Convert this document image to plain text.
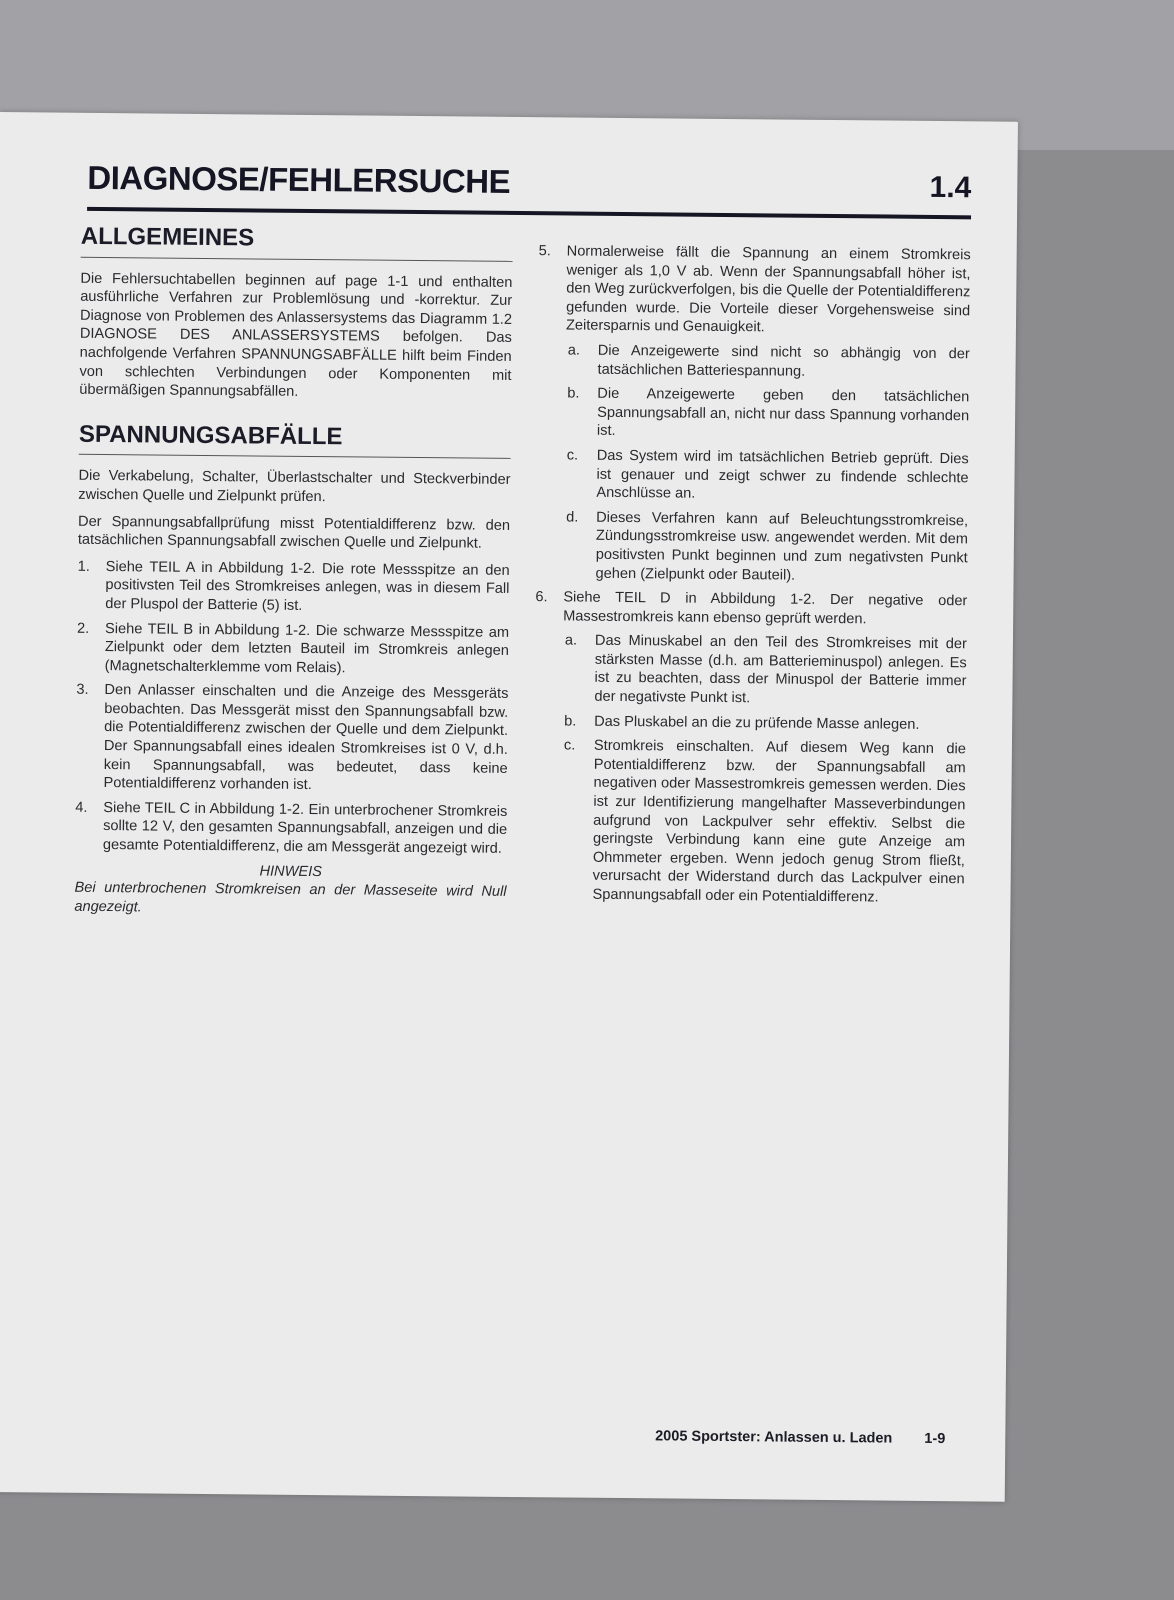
DIAGNOSE/FEHLERSUCHE	1.4
ALLGEMEINES

Die Fehlersuchtabellen beginnen auf page 1-1 und enthalten ausführliche Verfahren zur Problemlösung und -korrektur. Zur Diagnose von Problemen des Anlassersystems das Diagramm 1.2 DIAGNOSE DES ANLASSERSYSTEMS befolgen. Das nachfolgende Verfahren SPANNUNGSABFÄLLE hilft beim Finden von schlechten Verbindungen oder Komponenten mit übermäßigen Spannungsabfällen.

SPANNUNGSABFÄLLE

Die Verkabelung, Schalter, Überlastschalter und Steckverbinder zwischen Quelle und Zielpunkt prüfen.

Der Spannungsabfallprüfung misst Potentialdifferenz bzw. den tatsächlichen Spannungsabfall zwischen Quelle und Zielpunkt.

1.	Siehe TEIL A in Abbildung 1-2. Die rote Messspitze an den positivsten Teil des Stromkreises anlegen, was in diesem Fall der Pluspol der Batterie (5) ist.
2.	Siehe TEIL B in Abbildung 1-2. Die schwarze Messspitze am Zielpunkt oder dem letzten Bauteil im Stromkreis anlegen (Magnetschalterklemme vom Relais).
3.	Den Anlasser einschalten und die Anzeige des Messgeräts beobachten. Das Messgerät misst den Spannungsabfall bzw. die Potentialdifferenz zwischen der Quelle und dem Zielpunkt. Der Spannungsabfall eines idealen Stromkreises ist 0 V, d.h. kein Spannungsabfall, was bedeutet, dass keine Potentialdifferenz vorhanden ist.
4.	Siehe TEIL C in Abbildung 1-2. Ein unterbrochener Stromkreis sollte 12 V, den gesamten Spannungsabfall, anzeigen und die gesamte Potentialdifferenz, die am Messgerät angezeigt wird.
HINWEIS

Bei unterbrochenen Stromkreisen an der Masseseite wird Null angezeigt.

5.	Normalerweise fällt die Spannung an einem Stromkreis weniger als 1,0 V ab. Wenn der Spannungsabfall höher ist, den Weg zurückverfolgen, bis die Quelle der Potentialdifferenz gefunden wurde. Die Vorteile dieser Vorgehensweise sind Zeitersparnis und Genauigkeit.
a.	Die Anzeigewerte sind nicht so abhängig von der tatsächlichen Batteriespannung.
b.	Die Anzeigewerte geben den tatsächlichen Spannungsabfall an, nicht nur dass Spannung vorhanden ist.
c.	Das System wird im tatsächlichen Betrieb geprüft. Dies ist genauer und zeigt schwer zu findende schlechte Anschlüsse an.
d.	Dieses Verfahren kann auf Beleuchtungsstromkreise, Zündungsstromkreise usw. angewendet werden. Mit dem positivsten Punkt beginnen und zum negativsten Punkt gehen (Zielpunkt oder Bauteil).
6.	Siehe TEIL D in Abbildung 1-2. Der negative oder Massestromkreis kann ebenso geprüft werden.
a.	Das Minuskabel an den Teil des Stromkreises mit der stärksten Masse (d.h. am Batterieminuspol) anlegen. Es ist zu beachten, dass der Minuspol der Batterie immer der negativste Punkt ist.
b.	Das Pluskabel an die zu prüfende Masse anlegen.
c.	Stromkreis einschalten. Auf diesem Weg kann die Potentialdifferenz bzw. der Spannungsabfall am negativen oder Massestromkreis gemessen werden. Dies ist zur Identifizierung mangelhafter Masseverbindungen aufgrund von Lackpulver sehr effektiv. Selbst die geringste Verbindung kann eine gute Anzeige am Ohmmeter ergeben. Wenn jedoch genug Strom fließt, verursacht der Widerstand durch das Lackpulver einen Spannungsabfall oder ein Potentialdifferenz.
2005 Sportster: Anlassen u. Laden 1-9
